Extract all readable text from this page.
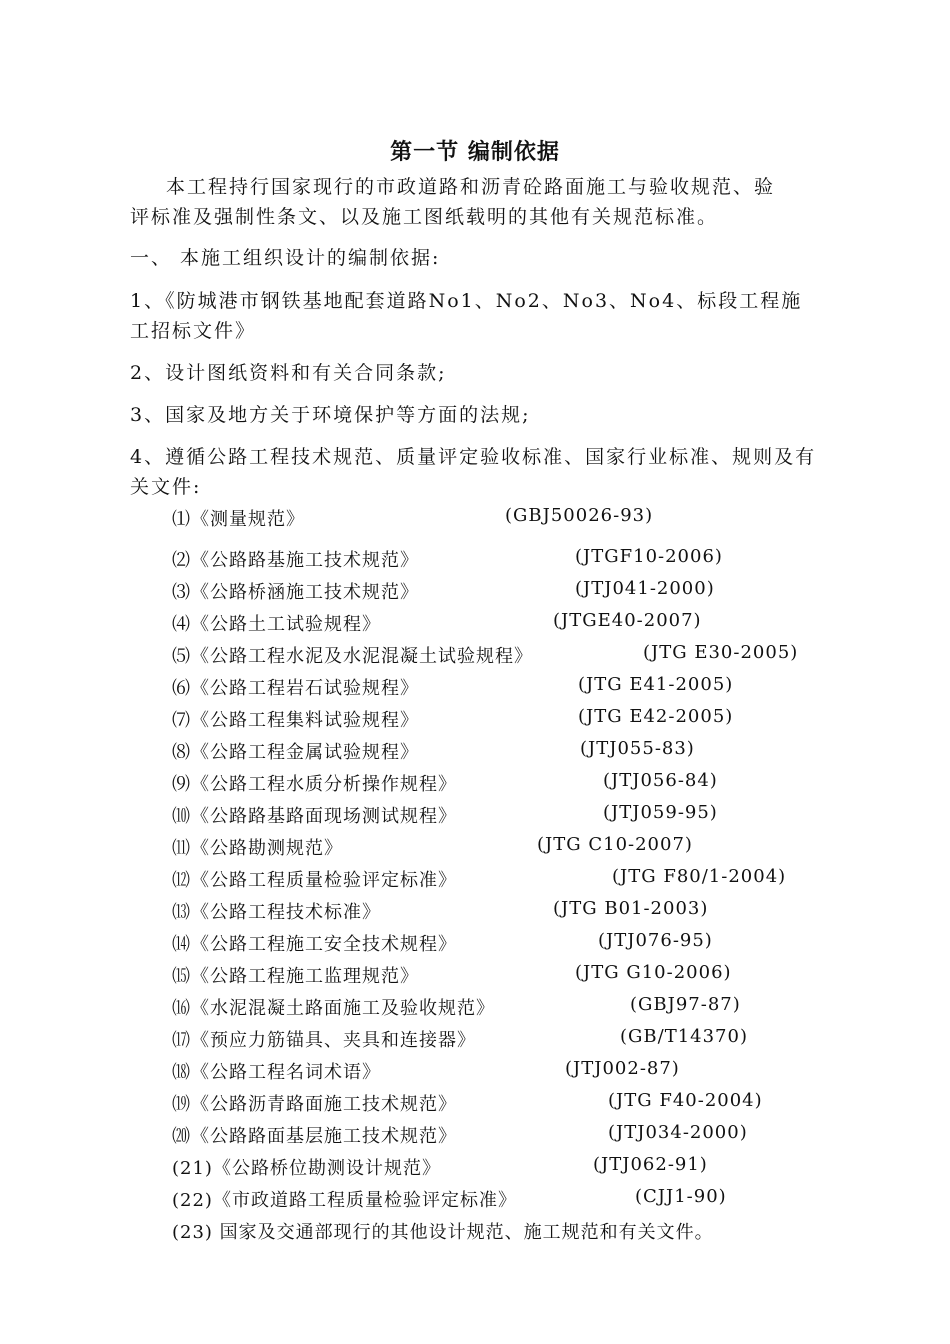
第一节 编制依据
本工程持行国家现行的市政道路和沥青砼路面施工与验收规范、验
评标准及强制性条文、以及施工图纸载明的其他有关规范标准。
一、 本施工组织设计的编制依据:
1、《防城港市钢铁基地配套道路No1、No2、No3、No4、标段工程施
工招标文件》
2、设计图纸资料和有关合同条款;
3、国家及地方关于环境保护等方面的法规;
4、遵循公路工程技术规范、质量评定验收标准、国家行业标准、规则及有
关文件:
⑴《测量规范》	(GBJ50026-93)
⑵《公路路基施工技术规范》	(JTGF10-2006)
⑶《公路桥涵施工技术规范》	(JTJ041-2000)
⑷《公路土工试验规程》	(JTGE40-2007)
⑸《公路工程水泥及水泥混凝土试验规程》	(JTG E30-2005)
⑹《公路工程岩石试验规程》	(JTG E41-2005)
⑺《公路工程集料试验规程》	(JTG E42-2005)
⑻《公路工程金属试验规程》	(JTJ055-83)
⑼《公路工程水质分析操作规程》	(JTJ056-84)
⑽《公路路基路面现场测试规程》	(JTJ059-95)
⑾《公路勘测规范》	(JTG C10-2007)
⑿《公路工程质量检验评定标准》	(JTG F80/1-2004)
⒀《公路工程技术标准》	(JTG B01-2003)
⒁《公路工程施工安全技术规程》	(JTJ076-95)
⒂《公路工程施工监理规范》	(JTG G10-2006)
⒃《水泥混凝土路面施工及验收规范》	(GBJ97-87)
⒄《预应力筋锚具、夹具和连接器》	(GB/T14370)
⒅《公路工程名词术语》	(JTJ002-87)
⒆《公路沥青路面施工技术规范》	(JTG F40-2004)
⒇《公路路面基层施工技术规范》	(JTJ034-2000)
(21)《公路桥位勘测设计规范》	(JTJ062-91)
(22)《市政道路工程质量检验评定标准》	(CJJ1-90)
(23) 国家及交通部现行的其他设计规范、施工规范和有关文件。
